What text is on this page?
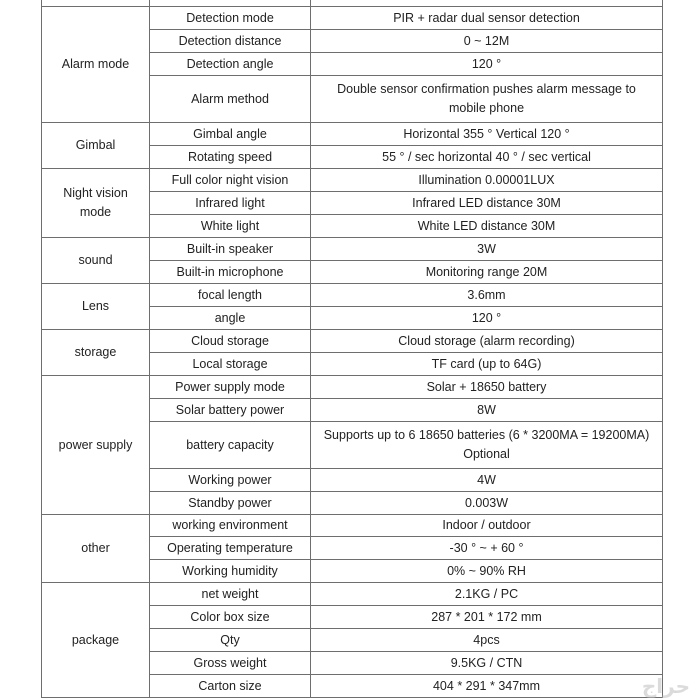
Alarm mode	Detection mode	PIR + radar dual sensor detection
	Detection distance	0 ~ 12M
	Detection angle	120 °
	Alarm method	Double sensor confirmation pushes alarm message to mobile phone
Gimbal	Gimbal angle	Horizontal 355 ° Vertical 120 °
	Rotating speed	55 ° / sec horizontal 40 ° / sec vertical
Night vision mode	Full color night vision	Illumination 0.00001LUX
	Infrared light	Infrared LED distance 30M
	White light	White LED distance 30M
sound	Built-in speaker	3W
	Built-in microphone	Monitoring range 20M
Lens	focal length	3.6mm
	angle	120 °
storage	Cloud storage	Cloud storage (alarm recording)
	Local storage	TF card (up to 64G)
power supply	Power supply mode	Solar + 18650 battery
	Solar battery power	8W
	battery capacity	Supports up to 6 18650 batteries (6 * 3200MA = 19200MA) Optional
	Working power	4W
	Standby power	0.003W
other	working environment	Indoor / outdoor
	Operating temperature	-30 ° ~ + 60 °
	Working humidity	0% ~ 90% RH
package	net weight	2.1KG / PC
	Color box size	287 * 201 * 172 mm
	Qty	4pcs
	Gross weight	9.5KG / CTN
	Carton size	404 * 291 * 347mm	حراج
